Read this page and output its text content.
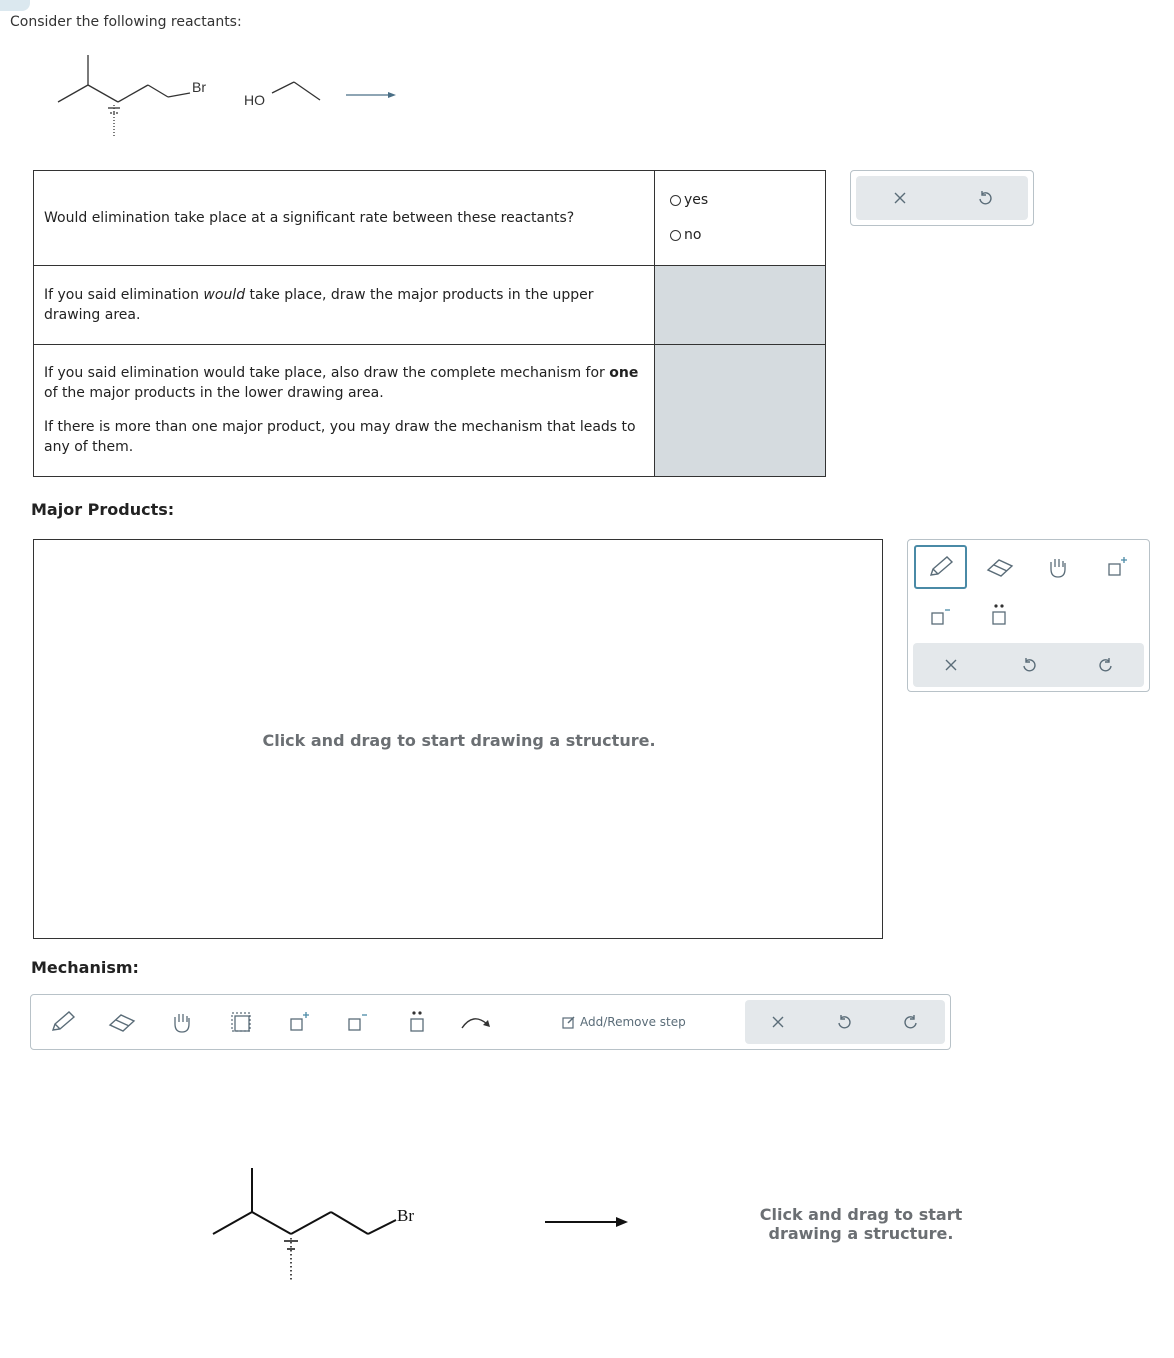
Consider the following reactants:
Br
HO
Would elimination take place at a significant rate between these reactants?
yes
no

If you said elimination would take place, draw the major products in the upper drawing area.

If you said elimination would take place, also draw the complete mechanism for one of the major products in the lower drawing area.

If there is more than one major product, you may draw the mechanism that leads to any of them.

Major Products:
Click and drag to start drawing a structure.
Mechanism:
Add/Remove step
Br	Click and drag to start
drawing a structure.
